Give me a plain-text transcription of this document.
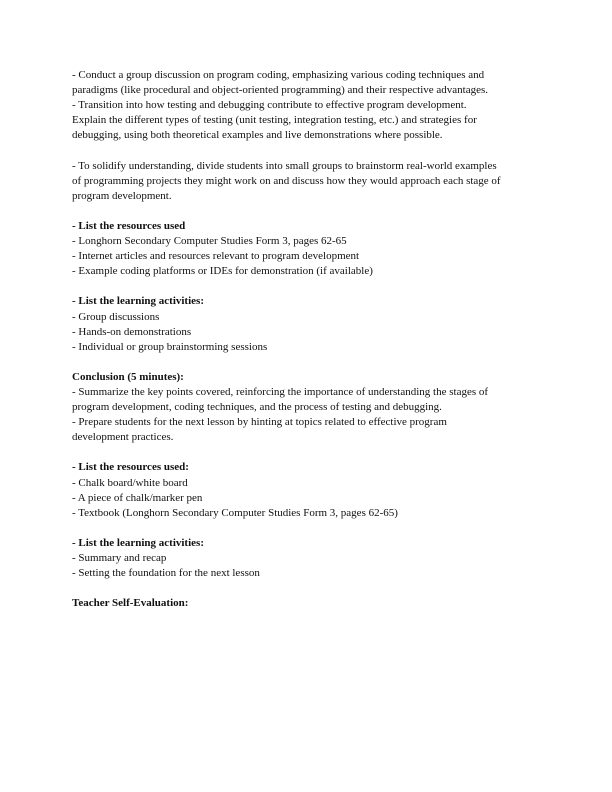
- Conduct a group discussion on program coding, emphasizing various coding techniques and
paradigms (like procedural and object-oriented programming) and their respective advantages.
- Transition into how testing and debugging contribute to effective program development.
Explain the different types of testing (unit testing, integration testing, etc.) and strategies for
debugging, using both theoretical examples and live demonstrations where possible.
- To solidify understanding, divide students into small groups to brainstorm real-world examples
of programming projects they might work on and discuss how they would approach each stage of
program development.
- List the resources used
- Longhorn Secondary Computer Studies Form 3, pages 62-65
- Internet articles and resources relevant to program development
- Example coding platforms or IDEs for demonstration (if available)
- List the learning activities:
- Group discussions
- Hands-on demonstrations
- Individual or group brainstorming sessions
Conclusion (5 minutes):
- Summarize the key points covered, reinforcing the importance of understanding the stages of
program development, coding techniques, and the process of testing and debugging.
- Prepare students for the next lesson by hinting at topics related to effective program
development practices.
- List the resources used:
- Chalk board/white board
- A piece of chalk/marker pen
- Textbook (Longhorn Secondary Computer Studies Form 3, pages 62-65)
- List the learning activities:
- Summary and recap
- Setting the foundation for the next lesson
Teacher Self-Evaluation:
